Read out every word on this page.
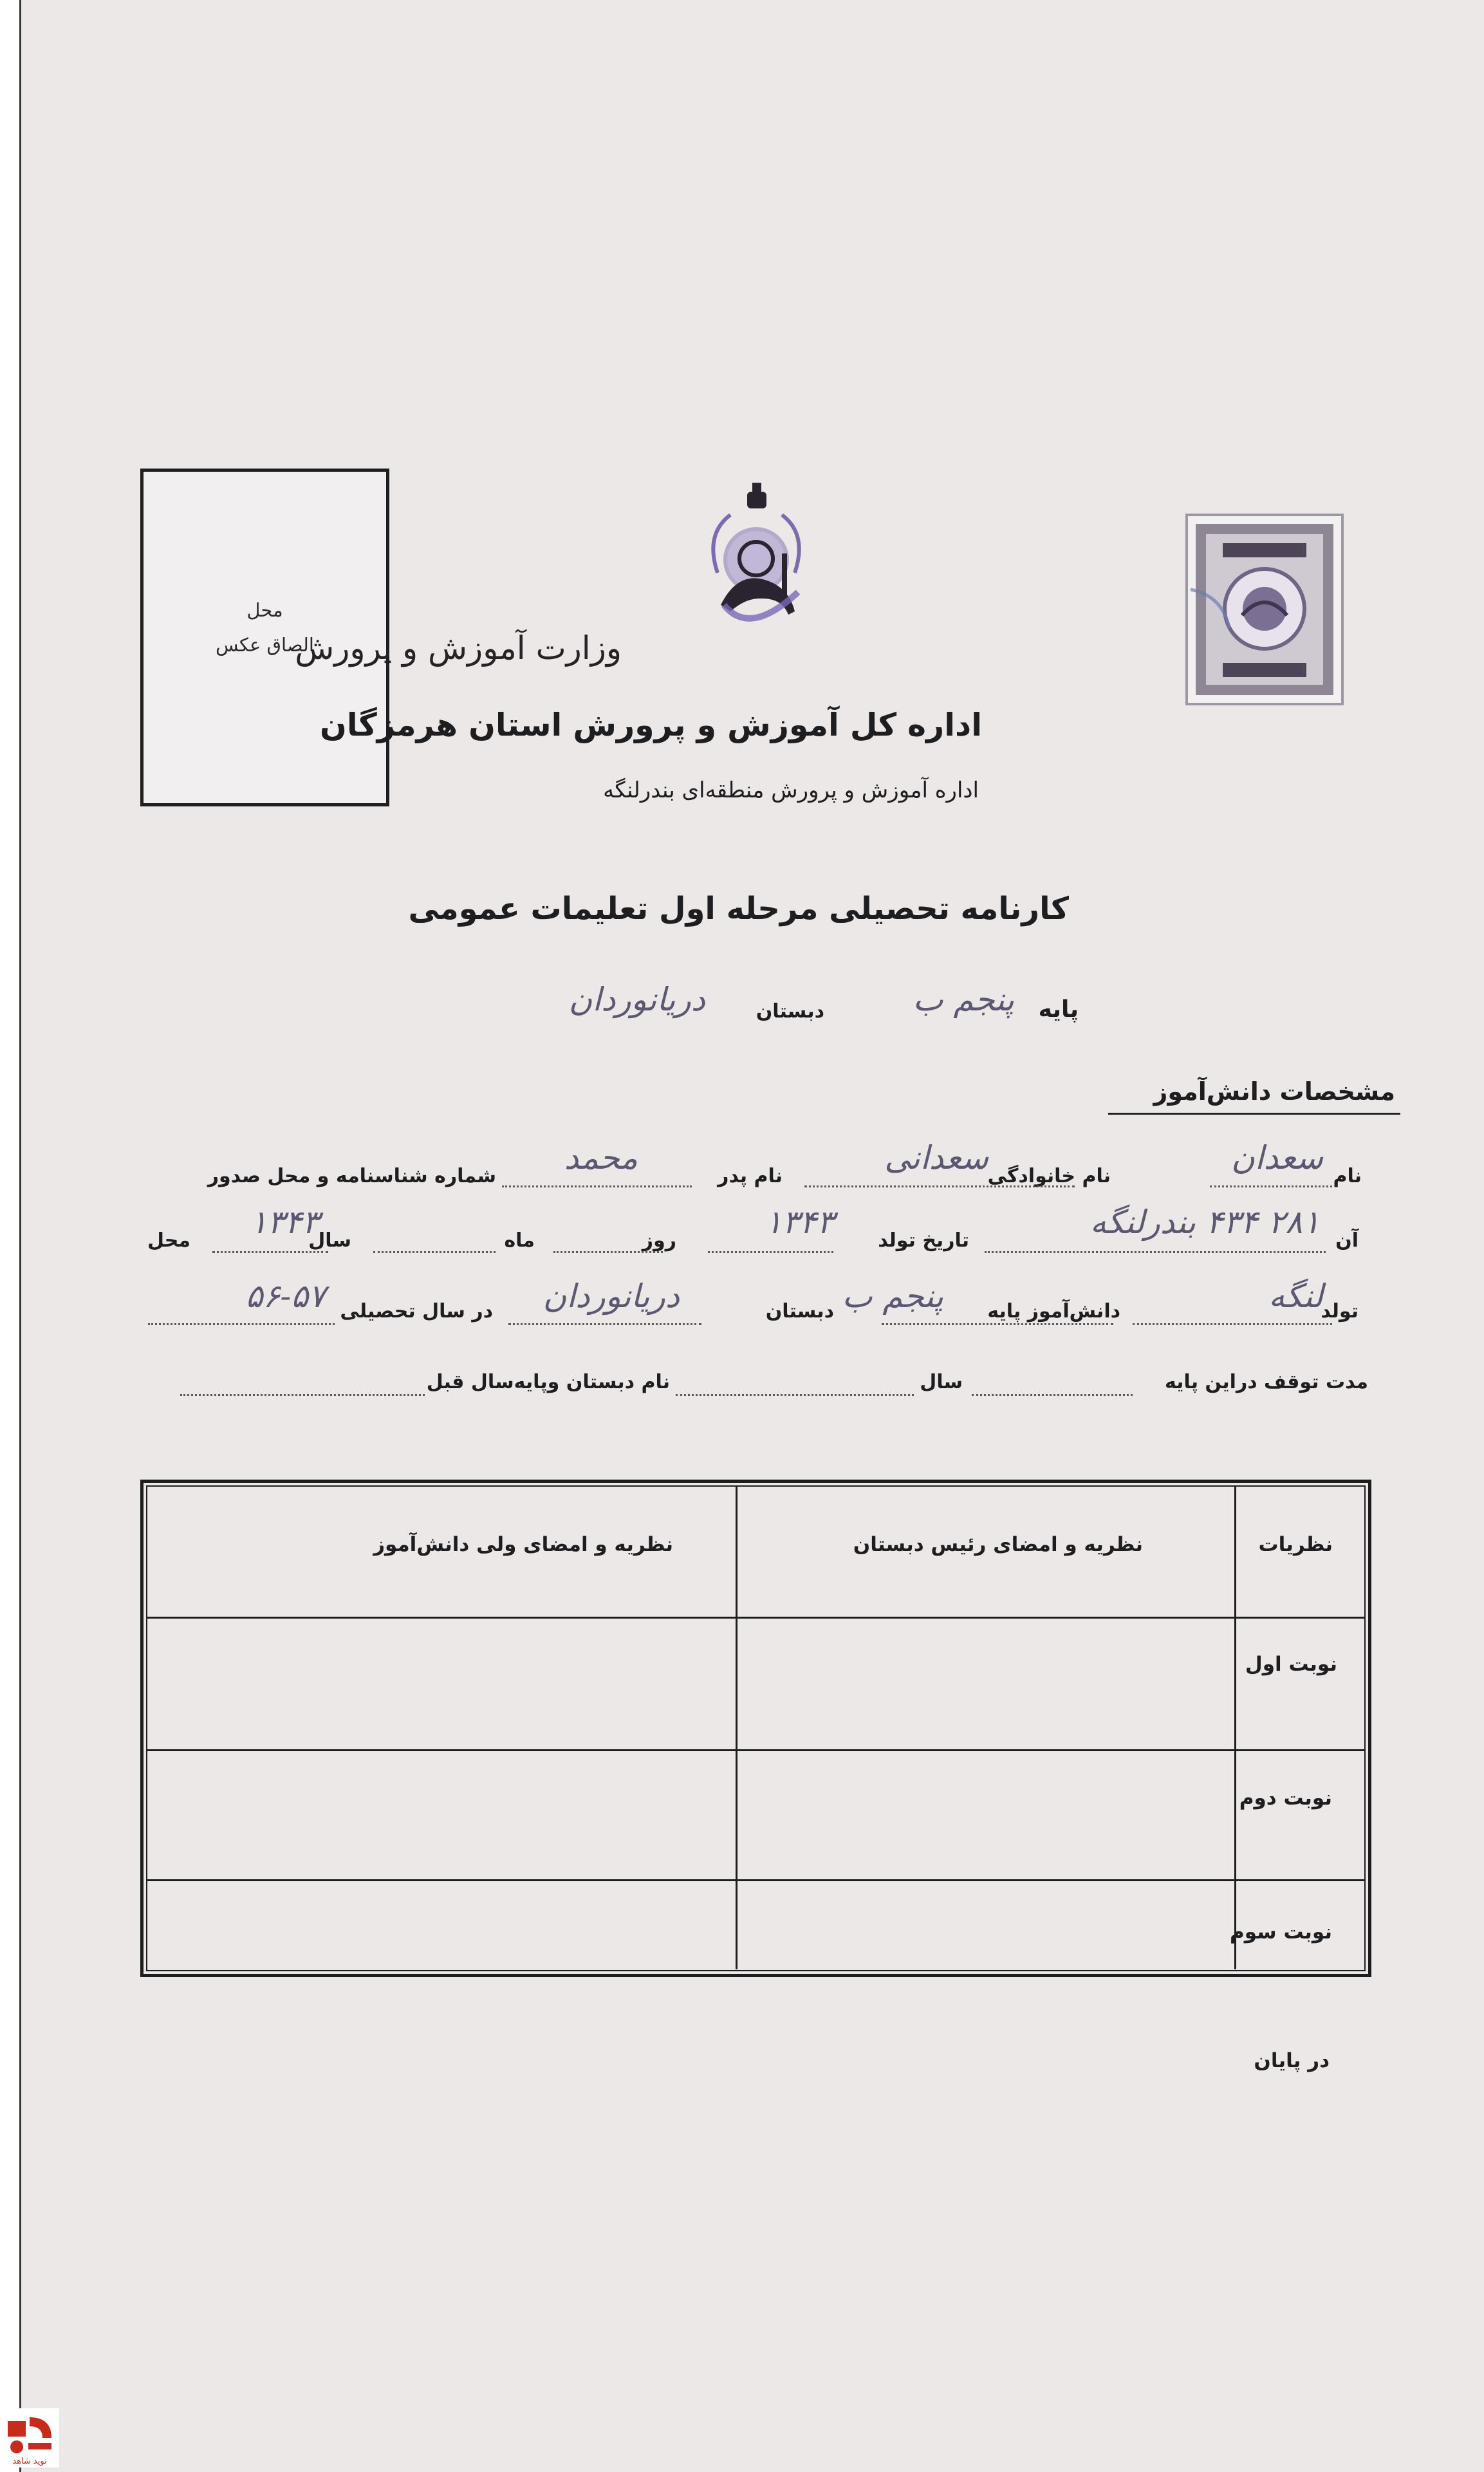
محل
الصاق عکس
وزارت آموزش و پرورش
اداره کل آموزش و پرورش استان هرمزگان
اداره آموزش و پرورش منطقه‌ای بندرلنگه
کارنامه تحصیلی مرحله اول تعلیمات عمومی
پایه
پنجم ب
دبستان
دریانوردان
مشخصات دانش‌آموز
نام
سعدان
نام خانوادگی
سعدانی
نام پدر
محمد
شماره شناسنامه و محل صدور
آن
۲۸۱ ۴۳۴ بندرلنگه
تاریخ تولد
۱۳۴۳
روز
ماه
سال
۱۳۴۳
محل
تولد
لنگه
دانش‌آموز پایه
پنجم ب
دبستان
دریانوردان
در سال تحصیلی
۵۶-۵۷
مدت توقف دراین پایه
سال
نام دبستان وپایه‌سال قبل
نظریه و امضای ولی دانش‌آموز	نظریه و امضای رئیس دبستان	نظریات
نوبت اول
نوبت دوم
نوبت سوم
در پایان
نوید شاهد
